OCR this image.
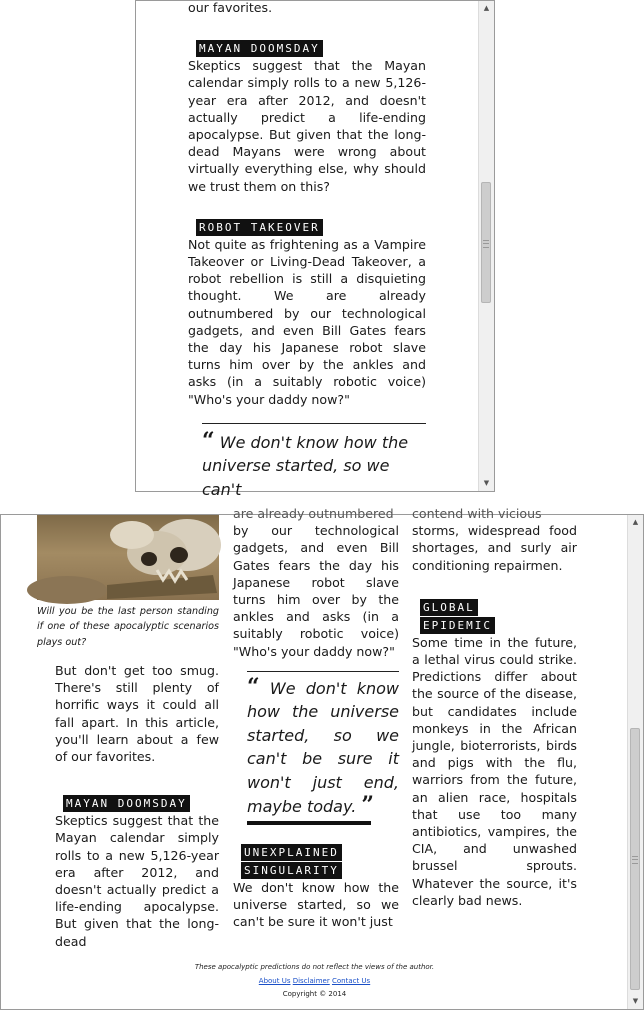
our favorites.

MAYAN DOOMSDAY

Skeptics suggest that the Mayan calendar simply rolls to a new 5,126-year era after 2012, and doesn't actually predict a life-ending apocalypse. But given that the long-dead Mayans were wrong about virtually everything else, why should we trust them on this?

ROBOT TAKEOVER

Not quite as frightening as a Vampire Takeover or Living-Dead Takeover, a robot rebellion is still a disquieting thought. We are already outnumbered by our technological gadgets, and even Bill Gates fears the day his Japanese robot slave turns him over by the ankles and asks (in a suitably robotic voice) "Who's your daddy now?"

“ We don't know how the
universe started, so we can't
▲
▼

Will you be the last person standing if one of these apocalyptic scenarios plays out?

But don't get too smug. There's still plenty of horrific ways it could all fall apart. In this article, you'll learn about a few of our favorites.

MAYAN DOOMSDAY

Skeptics suggest that the Mayan calendar simply rolls to a new 5,126-year era after 2012, and doesn't actually predict a life-ending apocalypse. But given that the long-dead

are already outnumbered

by our technological gadgets, and even Bill Gates fears the day his Japanese robot slave turns him over by the ankles and asks (in a suitably robotic voice) "Who's your daddy now?"

“ We don't know how the universe started, so we can't be sure it won't just end, maybe today. ”
UNEXPLAINED
SINGULARITY

We don't know how the universe started, so we can't be sure it won't just

contend with vicious

storms, widespread food shortages, and surly air conditioning repairmen.

GLOBAL
EPIDEMIC

Some time in the future, a lethal virus could strike. Predictions differ about the source of the disease, but candidates include monkeys in the African jungle, bioterrorists, birds and pigs with the flu, warriors from the future, an alien race, hospitals that use too many antibiotics, vampires, the CIA, and unwashed brussel sprouts. Whatever the source, it's clearly bad news.

These apocalyptic predictions do not reflect the views of the author.
About Us Disclaimer Contact Us
Copyright © 2014
▲
▼
